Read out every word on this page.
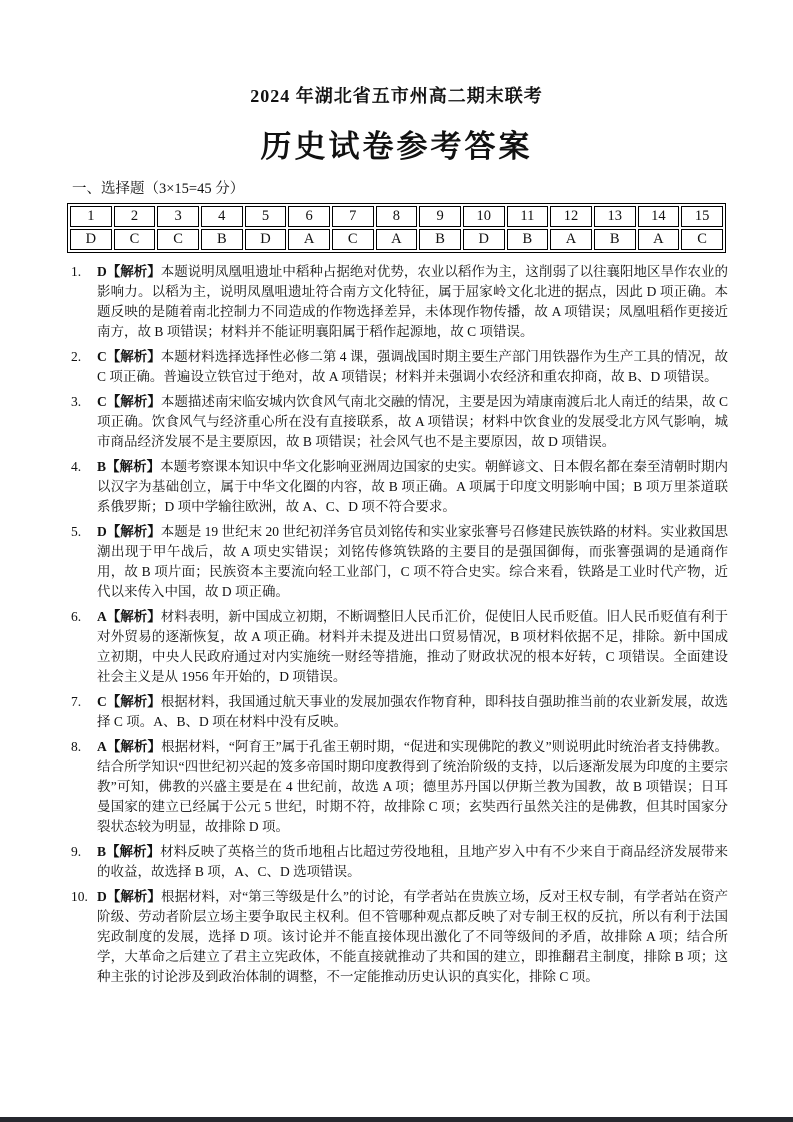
2024 年湖北省五市州高二期末联考
历史试卷参考答案
一、选择题（3×15=45 分）
1	2	3	4	5	6	7	8	9	10	11	12	13	14	15
D	C	C	B	D	A	C	A	B	D	B	A	B	A	C
1. D【解析】本题说明凤凰咀遗址中稻种占据绝对优势，农业以稻作为主，这削弱了以往襄阳地区旱作农业的影响力。以稻为主，说明凤凰咀遗址符合南方文化特征，属于屈家岭文化北进的据点，因此 D 项正确。本题反映的是随着南北控制力不同造成的作物选择差异，未体现作物传播，故 A 项错误；凤凰咀稻作更接近南方，故 B 项错误；材料并不能证明襄阳属于稻作起源地，故 C 项错误。
2. C【解析】本题材料选择选择性必修二第 4 课，强调战国时期主要生产部门用铁器作为生产工具的情况，故 C 项正确。普遍设立铁官过于绝对，故 A 项错误；材料并未强调小农经济和重农抑商，故 B、D 项错误。
3. C【解析】本题描述南宋临安城内饮食风气南北交融的情况，主要是因为靖康南渡后北人南迁的结果，故 C 项正确。饮食风气与经济重心所在没有直接联系，故 A 项错误；材料中饮食业的发展受北方风气影响，城市商品经济发展不是主要原因，故 B 项错误；社会风气也不是主要原因，故 D 项错误。
4. B【解析】本题考察课本知识中华文化影响亚洲周边国家的史实。朝鲜谚文、日本假名都在秦至清朝时期内以汉字为基础创立，属于中华文化圈的内容，故 B 项正确。A 项属于印度文明影响中国；B 项万里茶道联系俄罗斯；D 项中学输往欧洲，故 A、C、D 项不符合要求。
5. D【解析】本题是 19 世纪末 20 世纪初洋务官员刘铭传和实业家张謇号召修建民族铁路的材料。实业救国思潮出现于甲午战后，故 A 项史实错误；刘铭传修筑铁路的主要目的是强国御侮，而张謇强调的是通商作用，故 B 项片面；民族资本主要流向轻工业部门，C 项不符合史实。综合来看，铁路是工业时代产物，近代以来传入中国，故 D 项正确。
6. A【解析】材料表明，新中国成立初期，不断调整旧人民币汇价，促使旧人民币贬值。旧人民币贬值有利于对外贸易的逐渐恢复，故 A 项正确。材料并未提及进出口贸易情况，B 项材料依据不足，排除。新中国成立初期，中央人民政府通过对内实施统一财经等措施，推动了财政状况的根本好转，C 项错误。全面建设社会主义是从 1956 年开始的，D 项错误。
7. C【解析】根据材料，我国通过航天事业的发展加强农作物育种，即科技自强助推当前的农业新发展，故选择 C 项。A、B、D 项在材料中没有反映。
8. A【解析】根据材料，“阿育王”属于孔雀王朝时期，“促进和实现佛陀的教义”则说明此时统治者支持佛教。结合所学知识“四世纪初兴起的笈多帝国时期印度教得到了统治阶级的支持，以后逐渐发展为印度的主要宗教”可知，佛教的兴盛主要是在 4 世纪前，故选 A 项；德里苏丹国以伊斯兰教为国教，故 B 项错误；日耳曼国家的建立已经属于公元 5 世纪，时期不符，故排除 C 项；玄奘西行虽然关注的是佛教，但其时国家分裂状态较为明显，故排除 D 项。
9. B【解析】材料反映了英格兰的货币地租占比超过劳役地租，且地产岁入中有不少来自于商品经济发展带来的收益，故选择 B 项，A、C、D 选项错误。
10. D【解析】根据材料，对“第三等级是什么”的讨论，有学者站在贵族立场，反对王权专制，有学者站在资产阶级、劳动者阶层立场主要争取民主权利。但不管哪种观点都反映了对专制王权的反抗，所以有利于法国宪政制度的发展，选择 D 项。该讨论并不能直接体现出激化了不同等级间的矛盾，故排除 A 项；结合所学，大革命之后建立了君主立宪政体，不能直接就推动了共和国的建立，即推翻君主制度，排除 B 项；这种主张的讨论涉及到政治体制的调整，不一定能推动历史认识的真实化，排除 C 项。
